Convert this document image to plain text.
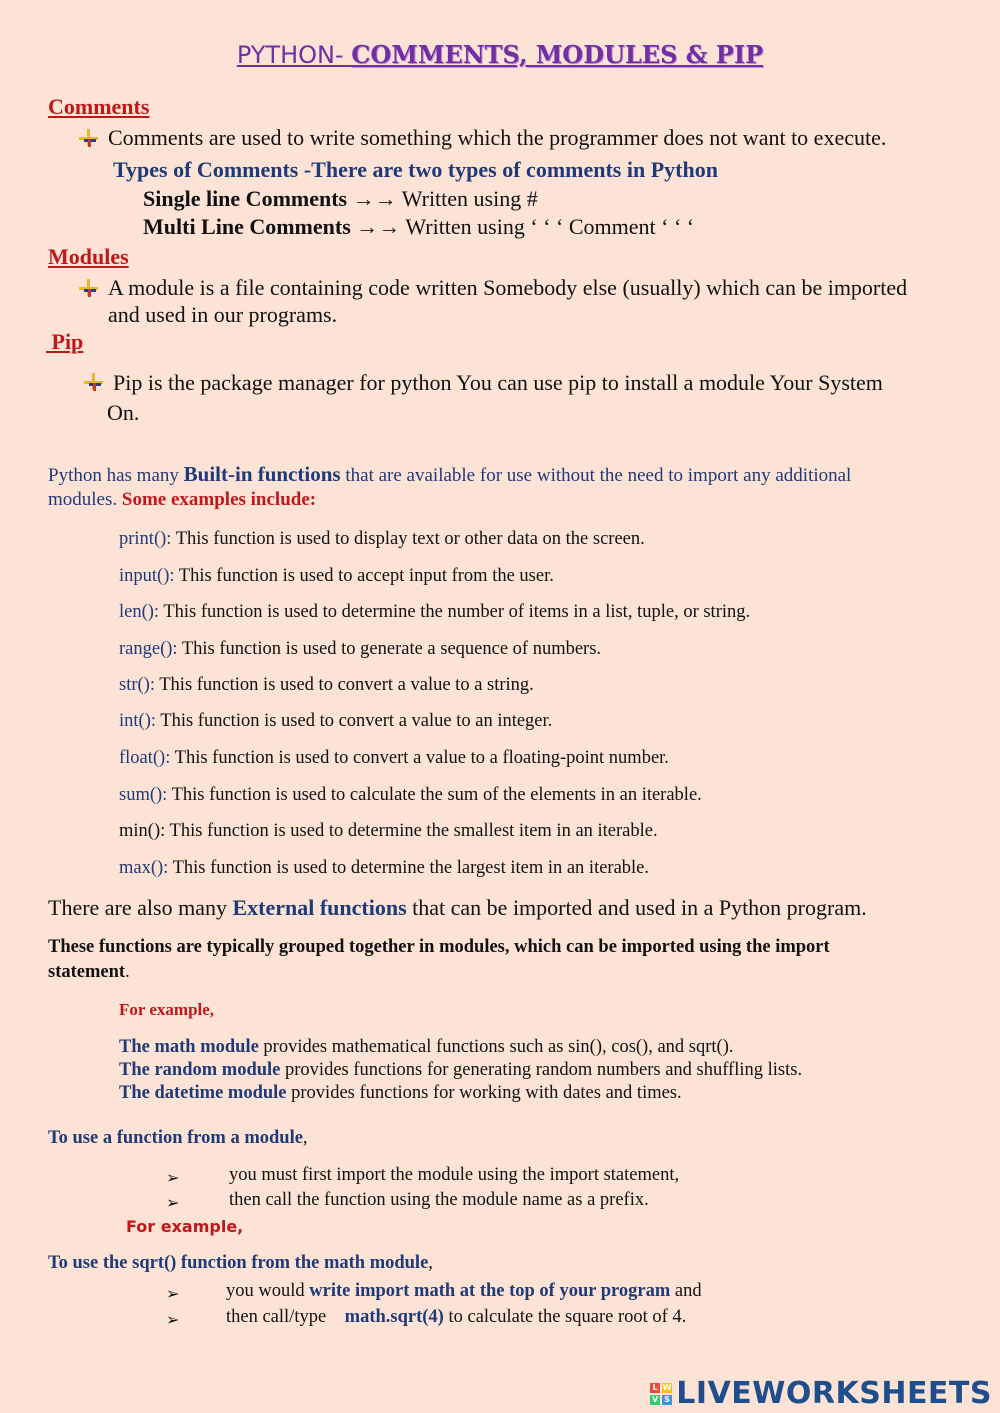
PYTHON- COMMENTS, MODULES & PIP
Comments
Comments are used to write something which the programmer does not want to execute.
Types of Comments -There are two types of comments in Python
Single line Comments →→ Written using #
Multi Line Comments →→ Written using ‘ ‘ ‘ Comment ‘ ‘ ‘
Modules
A module is a file containing code written Somebody else (usually) which can be imported
and used in our programs.
Pip
Pip is the package manager for python You can use pip to install a module Your System
On.
Python has many Built-in functions that are available for use without the need to import any additional
modules. Some examples include:
print(): This function is used to display text or other data on the screen.
input(): This function is used to accept input from the user.
len(): This function is used to determine the number of items in a list, tuple, or string.
range(): This function is used to generate a sequence of numbers.
str(): This function is used to convert a value to a string.
int(): This function is used to convert a value to an integer.
float(): This function is used to convert a value to a floating-point number.
sum(): This function is used to calculate the sum of the elements in an iterable.
min(): This function is used to determine the smallest item in an iterable.
max(): This function is used to determine the largest item in an iterable.
There are also many External functions that can be imported and used in a Python program.
These functions are typically grouped together in modules, which can be imported using the import
statement.
For example,
The math module provides mathematical functions such as sin(), cos(), and sqrt().
The random module provides functions for generating random numbers and shuffling lists.
The datetime module provides functions for working with dates and times.
To use a function from a module,
➢	you must first import the module using the import statement,
➢	then call the function using the module name as a prefix.
For example,
To use the sqrt() function from the math module,
➢	you would write import math at the top of your program and
➢	then call/type    math.sqrt(4) to calculate the square root of 4.
L W
V S LIVEWORKSHEETS
